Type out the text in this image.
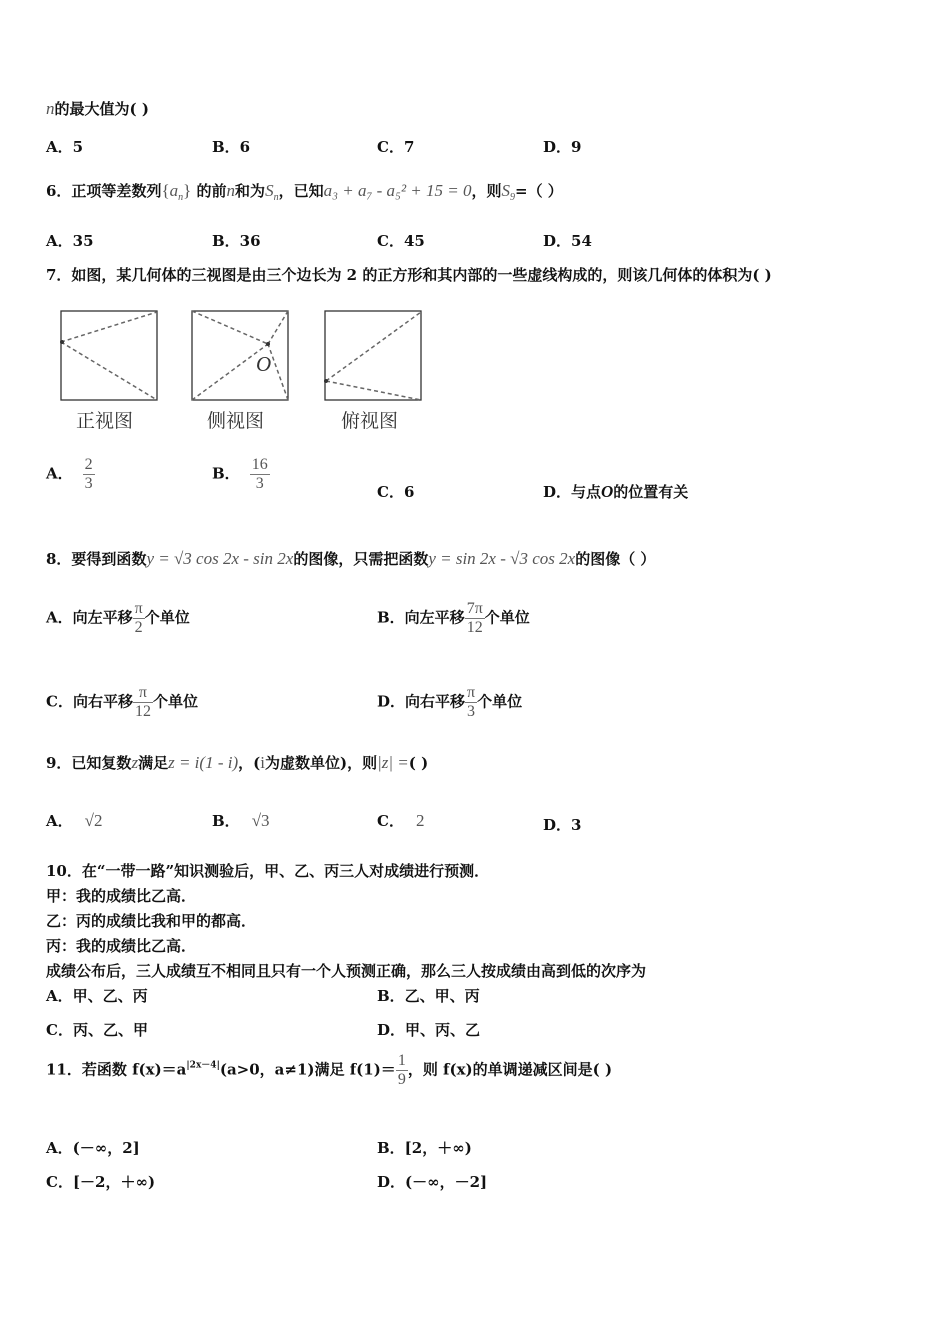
n的最大值为( )
A．5	B．6	C．7	D．9
6．正项等差数列$\{a_n\}$ 的前n和为$S_n$，已知a₃ + a₇ - a₅² + 15 = 0，则$S_9=$（ ）
A．35	B．36	C．45	D．54
7．如图，某几何体的三视图是由三个边长为 2 的正方形和其内部的一些虚线构成的，则该几何体的体积为( )
正视图
O
侧视图	俯视图
A． $\frac{2}{3}$	B． $\frac{16}{3}$	C．6	D．与点O的位置有关
8．要得到函数y = √3 cos 2x - sin 2x的图像，只需把函数y = sin 2x - √3 cos 2x的图像（ ）
A．向左平移 $\frac{\pi}{2}$ 个单位	B．向左平移 $\frac{7\pi}{12}$ 个单位
C．向右平移 $\frac{\pi}{12}$ 个单位	D．向右平移 $\frac{\pi}{3}$ 个单位
9．已知复数z满足z = i(1 - i)，(i为虚数单位)，则|z| =( )
A． √2	B． √3	C． 2	D．3
10．在“一带一路”知识测验后，甲、乙、丙三人对成绩进行预测．
甲：我的成绩比乙高．
乙：丙的成绩比我和甲的都高．
丙：我的成绩比乙高．
成绩公布后，三人成绩互不相同且只有一个人预测正确，那么三人按成绩由高到低的次序为
A．甲、乙、丙	B．乙、甲、丙
C．丙、乙、甲	D．甲、丙、乙
11．若函数 $f(x)=a^{|2x-4|}(a>0$，a≠1)满足 $f(1)= \frac{1}{9}$ ，则 f(x)的单调递减区间是( )
A．(－∞，2]	B．[2，＋∞)
C．[－2，＋∞)	D．(－∞，－2]
